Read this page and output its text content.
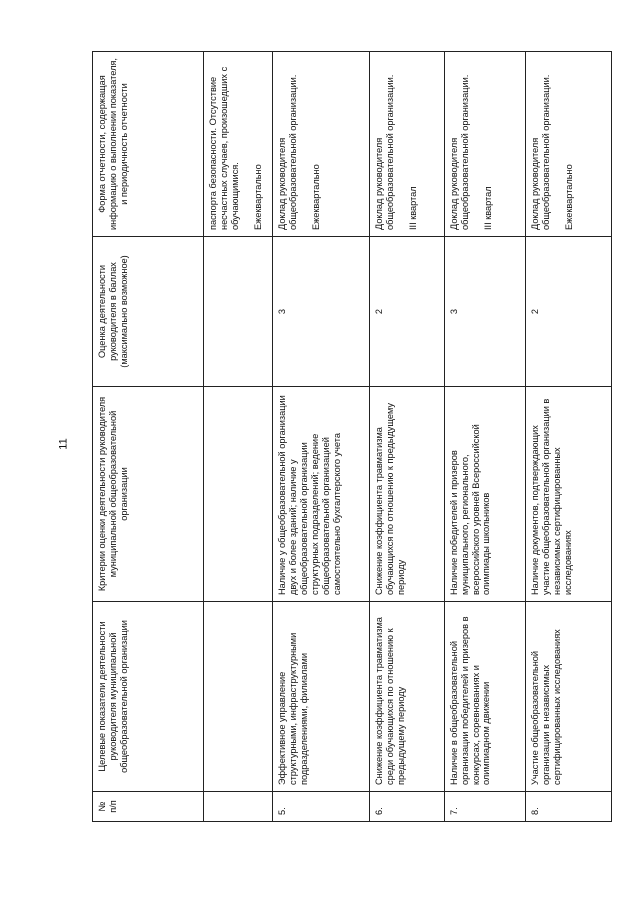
11
№ п/п	Целевые показатели деятельности руководителя муниципальной общеобразовательной организации	Критерии оценки деятельности руководителя муниципальной общеобразовательной организации	Оценка деятельности руководителя в баллах (максимально возможное)	Форма отчетности, содержащая информацию о выполнении показателя, и периодичность отчетности
				паспорта безопасности. Отсутствие несчастных случаев, произошедших с обучающимися. Ежеквартально
5.	Эффективное управление структурными, инфраструктурными подразделениями, филиалами	Наличие у общеобразовательной организации двух и более зданий; наличие у общеобразовательной организации структурных подразделений; ведение общеобразовательной организацией самостоятельно бухгалтерского учета	3	Доклад руководителя общеобразовательной организации. Ежеквартально
6.	Снижение коэффициента травматизма среди обучающихся по отношению к предыдущему периоду	Снижение коэффициента травматизма обучающихся по отношению к предыдущему периоду	2	Доклад руководителя общеобразовательной организации. III квартал
7.	Наличие в общеобразовательной организации победителей и призеров в конкурсах, соревнованиях и олимпиадном движении	Наличие победителей и призеров муниципального, регионального, всероссийского уровней Всероссийской олимпиады школьников	3	Доклад руководителя общеобразовательной организации. III квартал
8.	Участие общеобразовательной организации в независимых сертифицированных исследованиях	Наличие документов, подтверждающих участие общеобразовательной организации в независимых сертифицированных исследованиях	2	Доклад руководителя общеобразовательной организации. Ежеквартально
